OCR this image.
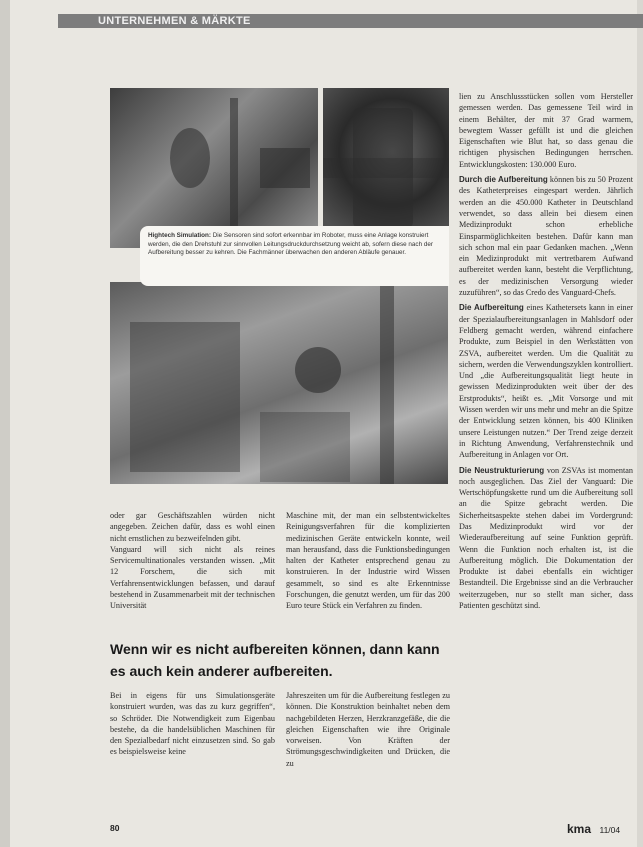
UNTERNEHMEN & MÄRKTE
Hightech Simulation: Die Sensoren sind sofort erkennbar im Roboter, muss eine Anlage konstruiert werden, die den Drehstuhl zur sinnvollen Leitungsdruckdurchsetzung weicht ab, sofern diese nach der Aufbereitung besser zu kehren. Die Fachmänner überwachen den anderen Abläufe genauer.

lien zu Anschlussstücken sollen vom Hersteller gemessen werden. Das gemessene Teil wird in einem Behälter, der mit 37 Grad warmem, bewegtem Wasser gefüllt ist und die gleichen Eigenschaften wie Blut hat, so dass genau die richtigen physischen Bedingungen herrschen. Entwicklungskosten: 130.000 Euro.

Durch die Aufbereitung können bis zu 50 Prozent des Katheterpreises eingespart werden. Jährlich werden an die 450.000 Katheter in Deutschland verwendet, so dass allein bei diesem einen Medizinprodukt schon erhebliche Einsparmöglichkeiten bestehen. Dafür kann man sich schon mal ein paar Gedanken machen. „Wenn ein Medizinprodukt mit vertretbarem Aufwand aufbereitet werden kann, besteht die Verpflichtung, es der medizinischen Versorgung wieder zuzuführen“, so das Credo des Vanguard-Chefs.

Die Aufbereitung eines Kathetersets kann in einer der Spezialaufbereitungsanlagen in Mahlsdorf oder Feldberg gemacht werden, während einfachere Produkte, zum Beispiel in den Werkstätten von ZSVA, aufbereitet werden. Um die Qualität zu sichern, werden die Verwendungszyklen kontrolliert. Und „die Aufbereitungsqualität liegt heute in gewissen Medizinprodukten weit über der des Erstprodukts“, heißt es. „Mit Vorsorge und mit Wissen werden wir uns mehr und mehr an die Spitze der Entwicklung setzen können, bis 400 Kliniken unsere Leistungen nutzen.“ Der Trend zeige derzeit in Richtung Anwendung, Verfahrenstechnik und Aufbereitung in Anlagen vor Ort.

Die Neustrukturierung von ZSVAs ist momentan noch ausgeglichen. Das Ziel der Vanguard: Die Wertschöpfungskette rund um die Aufbereitung soll an die Spitze gebracht werden. Die Sicherheitsaspekte stehen dabei im Vordergrund: Das Medizinprodukt wird vor der Wiederaufbereitung auf seine Funktion geprüft. Wenn die Funktion noch erhalten ist, ist die Aufbereitung möglich. Die Dokumentation der Produkte ist dabei ebenfalls ein wichtiger Bestandteil. Die Ergebnisse sind an die Verbraucher weiterzugeben, nur so stellt man sicher, dass Patienten geschützt sind.

oder gar Geschäftszahlen würden nicht angegeben. Zeichen dafür, dass es wohl einen nicht ernstlichen zu bezweifelnden gibt.

Vanguard will sich nicht als reines Servicemultinationales verstanden wissen. „Mit 12 Forschern, die sich mit Verfahrensentwicklungen befassen, und darauf bestehend in Zusammenarbeit mit der technischen Universität

Maschine mit, der man ein selbstentwickeltes Reinigungsverfahren für die komplizierten medizinischen Geräte entwickeln konnte, weil man herausfand, dass die Funktionsbedingungen halten der Katheter entsprechend genau zu konstruieren. In der Industrie wird Wissen gesammelt, so sind es alte Erkenntnisse Forschungen, die genutzt werden, um für das 200 Euro teure Stück ein Verfahren zu finden.

Wenn wir es nicht aufbereiten können, dann kann es auch kein anderer aufbereiten.

Bei in eigens für uns Simulationsgeräte konstruiert wurden, was das zu kurz gegriffen“, so Schröder. Die Notwendigkeit zum Eigenbau bestehe, da die handelsüblichen Maschinen für den Spezialbedarf nicht einzusetzen sind. So gab es beispielsweise keine

Jahreszeiten um für die Aufbereitung festlegen zu können. Die Konstruktion beinhaltet neben dem nachgebildeten Herzen, Herzkranzgefäße, die die gleichen Eigenschaften wie ihre Originale vorweisen. Von Kräften der Strömungsgeschwindigkeiten und Drücken, die zu

80	kma 11/04
